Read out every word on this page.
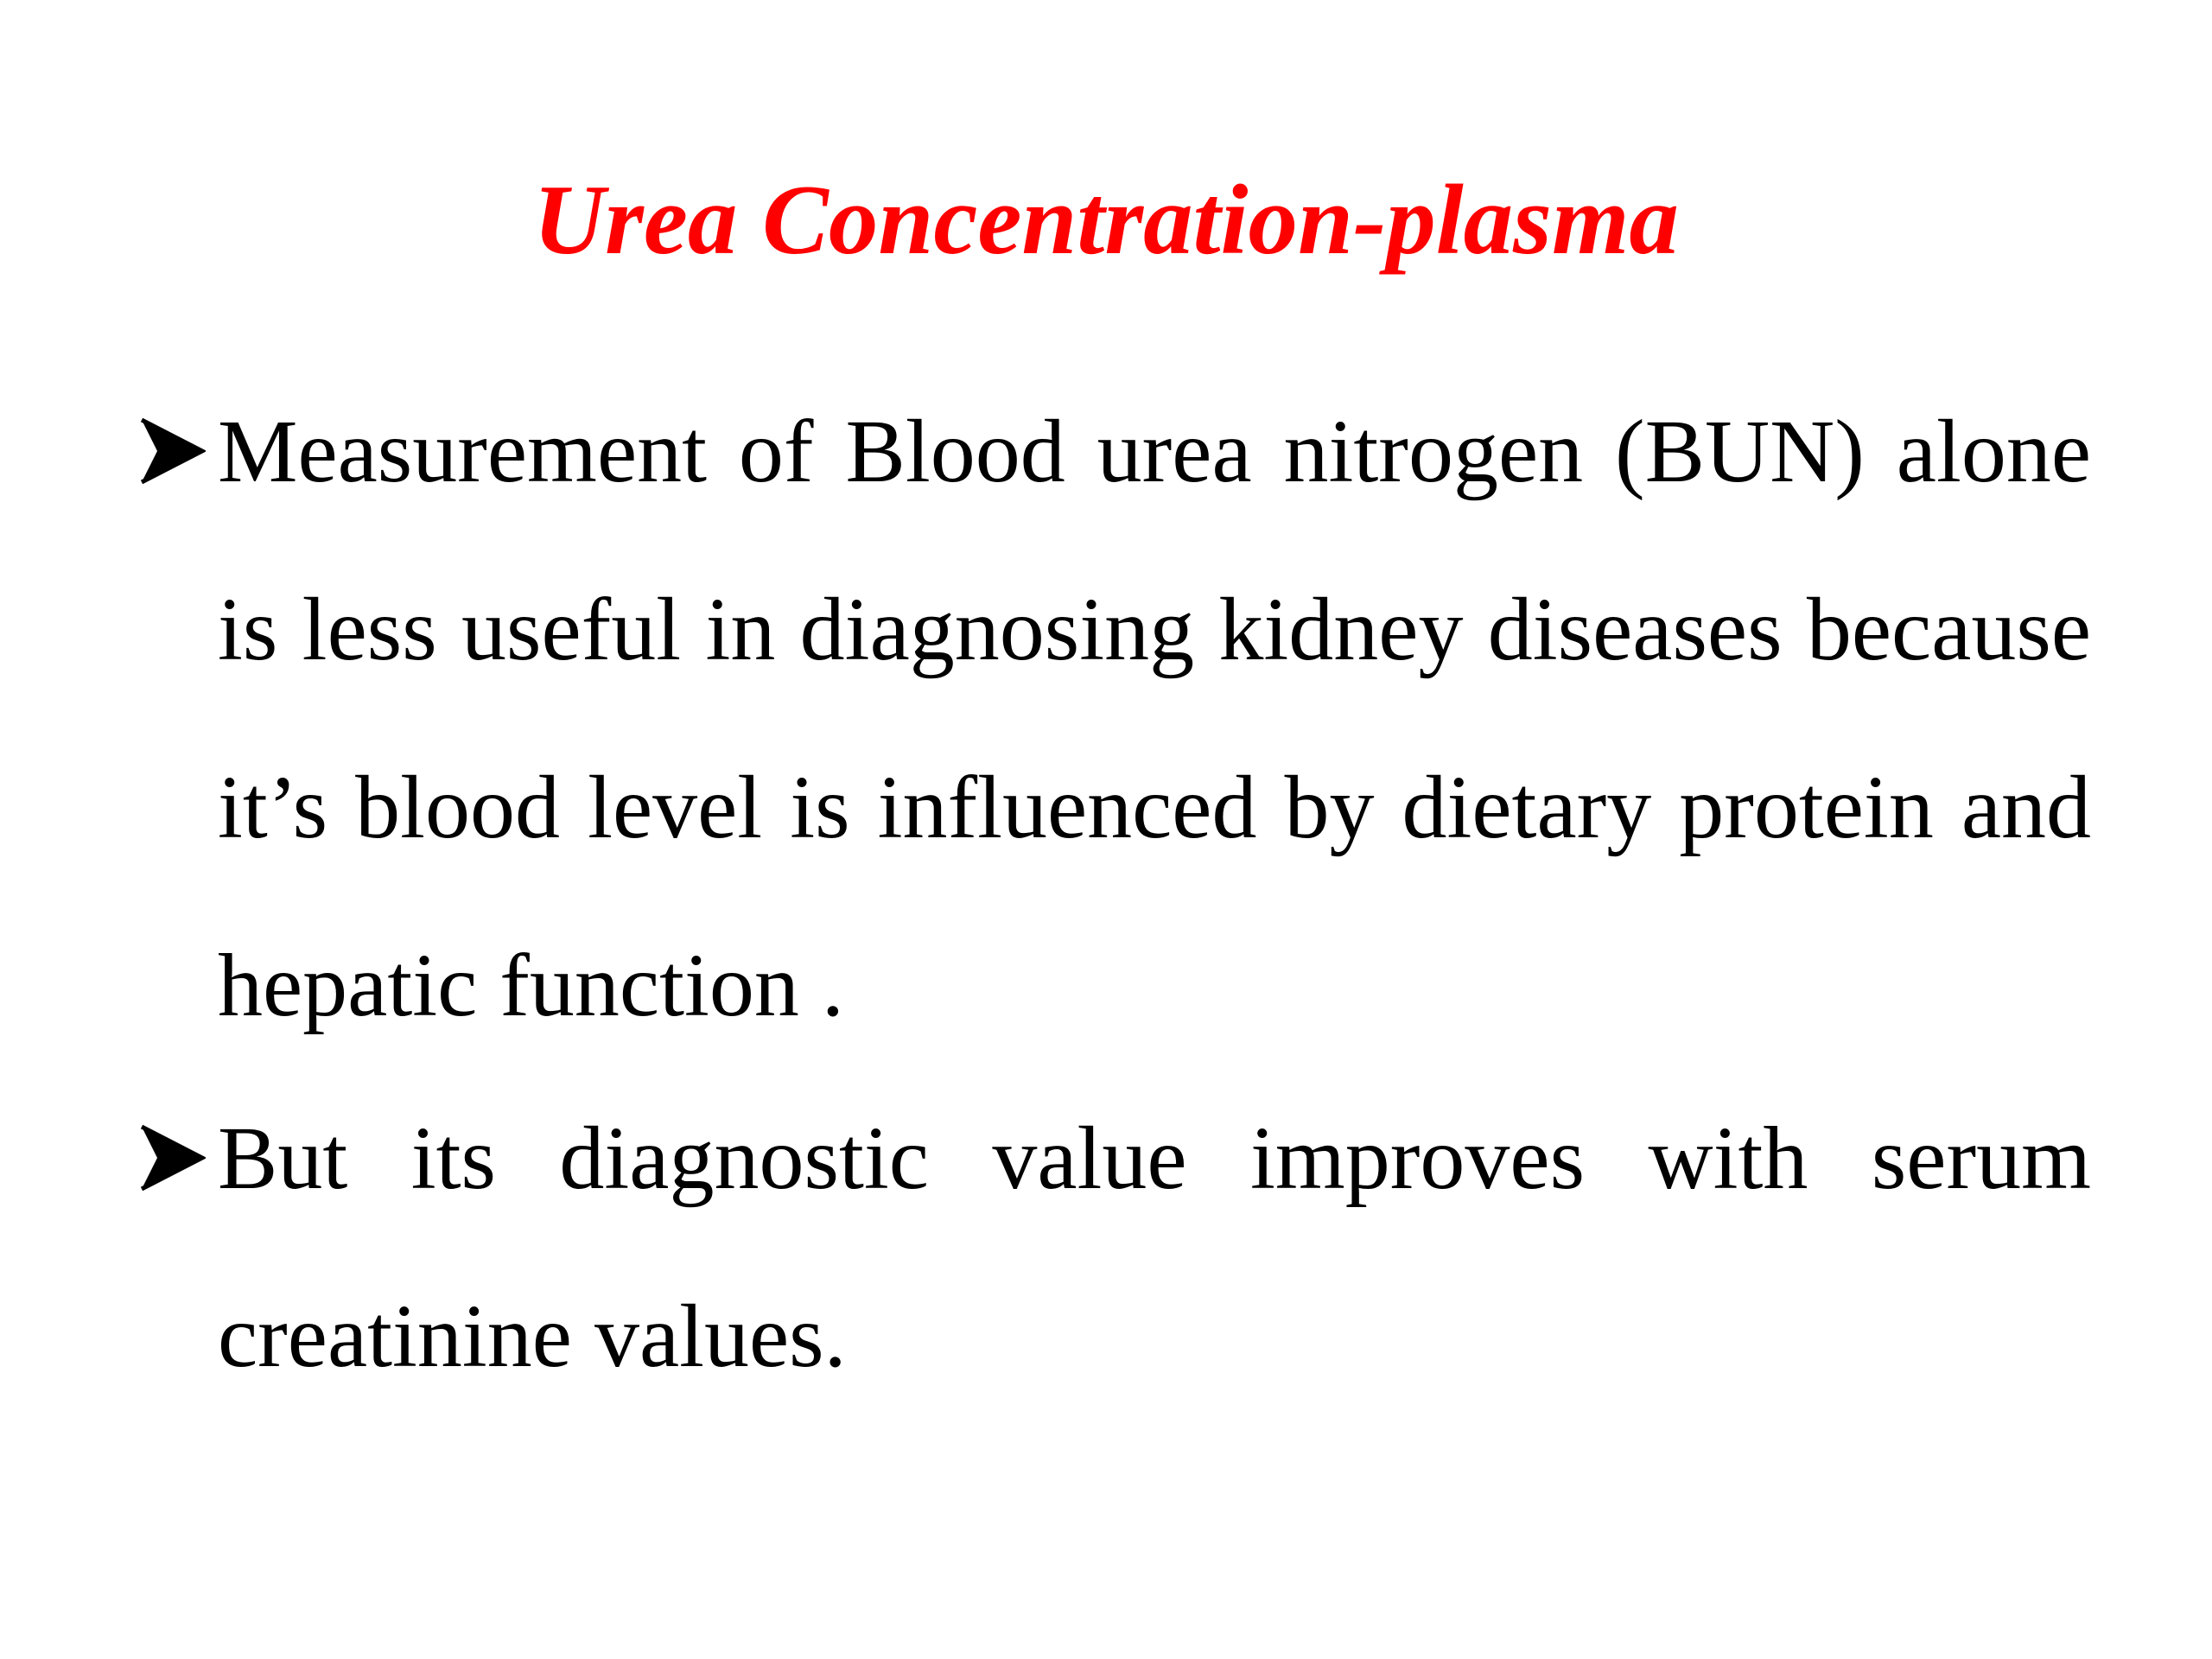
Urea Concentration-plasma
Measurement of Blood urea nitrogen (BUN) alone is less useful in diagnosing kidney diseases because it’s blood level is influenced by dietary protein and hepatic function .
But its diagnostic value improves with serum creatinine values.
